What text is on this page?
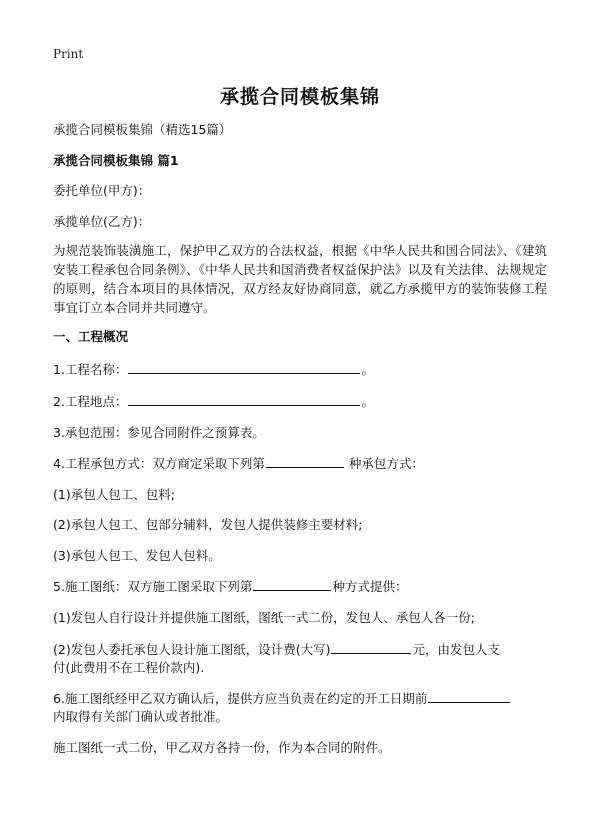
Print
承揽合同模板集锦
承揽合同模板集锦（精选15篇）
承揽合同模板集锦 篇1
委托单位(甲方)：
承揽单位(乙方)：
为规范装饰装潢施工，保护甲乙双方的合法权益，根据《中华人民共和国合同法》、《建筑安装工程承包合同条例》、《中华人民共和国消费者权益保护法》以及有关法律、法规规定的原则，结合本项目的具体情况，双方经友好协商同意，就乙方承揽甲方的装饰装修工程事宜订立本合同并共同遵守。
一、工程概况
1.工程名称：	。
2.工程地点：	。
3.承包范围：参见合同附件之预算表。
4.工程承包方式：双方商定采取下列第	种承包方式：
(1)承包人包工、包料;
(2)承包人包工、包部分辅料，发包人提供装修主要材料;
(3)承包人包工、发包人包料。
5.施工图纸：双方施工图采取下列第	种方式提供：
(1)发包人自行设计并提供施工图纸，图纸一式二份，发包人、承包人各一份;
(2)发包人委托承包人设计施工图纸，设计费(大写)	元，由发包人支
付(此费用不在工程价款内).
6.施工图纸经甲乙双方确认后，提供方应当负责在约定的开工日期前
内取得有关部门确认或者批准。
施工图纸一式二份，甲乙双方各持一份，作为本合同的附件。
